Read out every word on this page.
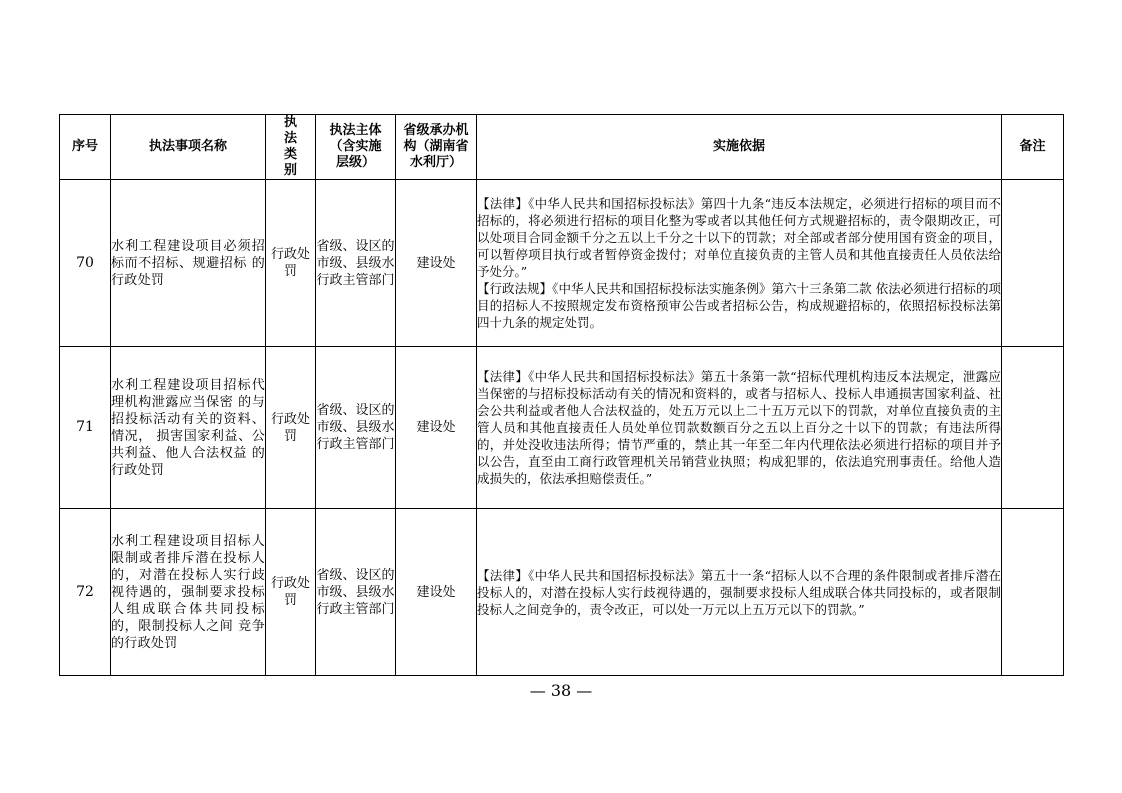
序号	执法事项名称	执法类别	执法主体（含实施层级）	省级承办机构（湖南省水利厅）	实施依据	备注
70	水利工程建设项目必须招标而不招标、规避招标 的行政处罚	行政处罚	省级、设区的市级、县级水行政主管部门	建设处	【法律】《中华人民共和国招标投标法》第四十九条“违反本法规定，必须进行招标的项目而不招标的，将必须进行招标的项目化整为零或者以其他任何方式规避招标的，责令限期改正，可以处项目合同金额千分之五以上千分之十以下的罚款；对全部或者部分使用国有资金的项目，可以暂停项目执行或者暂停资金拨付；对单位直接负责的主管人员和其他直接责任人员依法给予处分。”

【行政法规】《中华人民共和国招标投标法实施条例》第六十三条第二款 依法必须进行招标的项目的招标人不按照规定发布资格预审公告或者招标公告，构成规避招标的，依照招标投标法第四十九条的规定处罚。	

71	水利工程建设项目招标代理机构泄露应当保密 的与招投标活动有关的资料、情况， 损害国家利益、公共利益、他人合法权益 的行政处罚	行政处罚	省级、设区的市级、县级水行政主管部门	建设处	【法律】《中华人民共和国招标投标法》第五十条第一款“招标代理机构违反本法规定，泄露应当保密的与招标投标活动有关的情况和资料的，或者与招标人、投标人串通损害国家利益、社会公共利益或者他人合法权益的，处五万元以上二十五万元以下的罚款，对单位直接负责的主管人员和其他直接责任人员处单位罚款数额百分之五以上百分之十以下的罚款；有违法所得的，并处没收违法所得；情节严重的，禁止其一年至二年内代理依法必须进行招标的项目并予以公告，直至由工商行政管理机关吊销营业执照；构成犯罪的，依法追究刑事责任。给他人造成损失的，依法承担赔偿责任。”	

72	水利工程建设项目招标人限制或者排斥潜在投标人的，对潜在投标人实行歧视待遇的，强制要求投标人组成联合体共同投标的，限制投标人之间 竞争的行政处罚	行政处罚	省级、设区的市级、县级水行政主管部门	建设处	【法律】《中华人民共和国招标投标法》第五十一条“招标人以不合理的条件限制或者排斥潜在投标人的，对潜在投标人实行歧视待遇的，强制要求投标人组成联合体共同投标的，或者限制投标人之间竞争的，责令改正，可以处一万元以上五万元以下的罚款。”	

— 38 —
